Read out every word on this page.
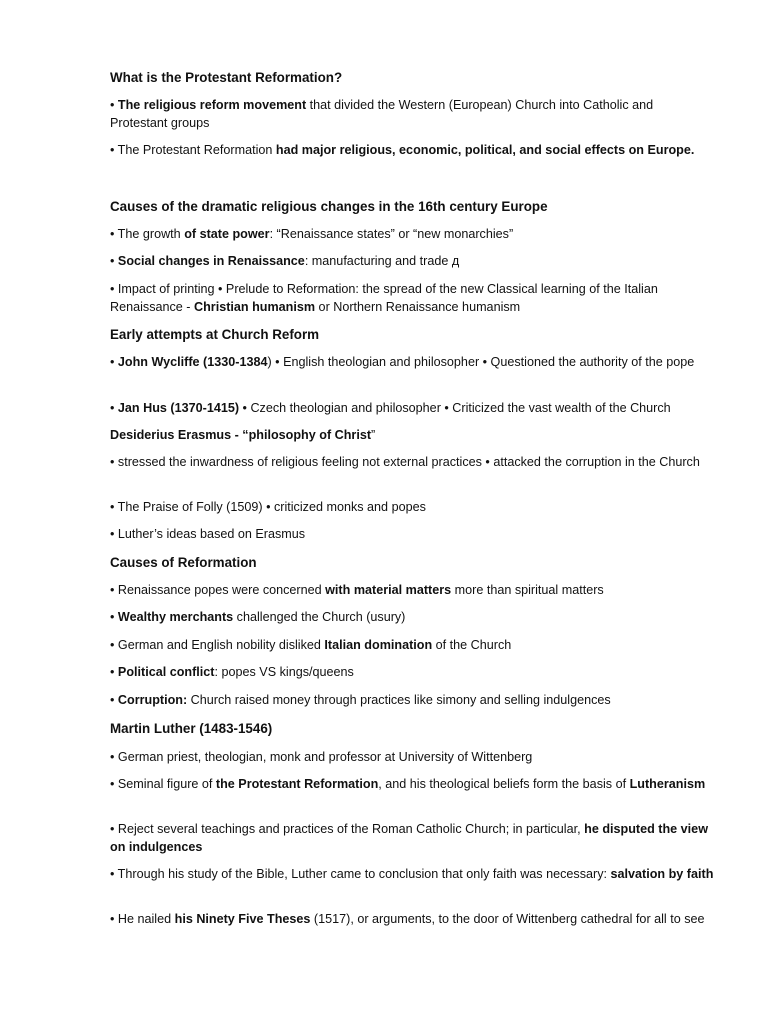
What is the Protestant Reformation?

• The religious reform movement that divided the Western (European) Church into Catholic and Protestant groups

• The Protestant Reformation had major religious, economic, political, and social effects on Europe.

Causes of the dramatic religious changes in the 16th century Europe

• The growth of state power: “Renaissance states” or “new monarchies”

• Social changes in Renaissance: manufacturing and trade д

• Impact of printing • Prelude to Reformation: the spread of the new Classical learning of the Italian Renaissance - Christian humanism or Northern Renaissance humanism

Early attempts at Church Reform

• John Wycliffe (1330-1384) • English theologian and philosopher • Questioned the authority of the pope

• Jan Hus (1370-1415) • Czech theologian and philosopher • Criticized the vast wealth of the Church

Desiderius Erasmus - “philosophy of Christ”

• stressed the inwardness of religious feeling not external practices • attacked the corruption in the Church

• The Praise of Folly (1509) • criticized monks and popes

• Luther’s ideas based on Erasmus

Causes of Reformation

• Renaissance popes were concerned with material matters more than spiritual matters

• Wealthy merchants challenged the Church (usury)

• German and English nobility disliked Italian domination of the Church

• Political conflict: popes VS kings/queens

• Corruption: Church raised money through practices like simony and selling indulgences

Martin Luther (1483-1546)

• German priest, theologian, monk and professor at University of Wittenberg

• Seminal figure of the Protestant Reformation, and his theological beliefs form the basis of Lutheranism

• Reject several teachings and practices of the Roman Catholic Church; in particular, he disputed the view on indulgences

• Through his study of the Bible, Luther came to conclusion that only faith was necessary: salvation by faith

• He nailed his Ninety Five Theses (1517), or arguments, to the door of Wittenberg cathedral for all to see
